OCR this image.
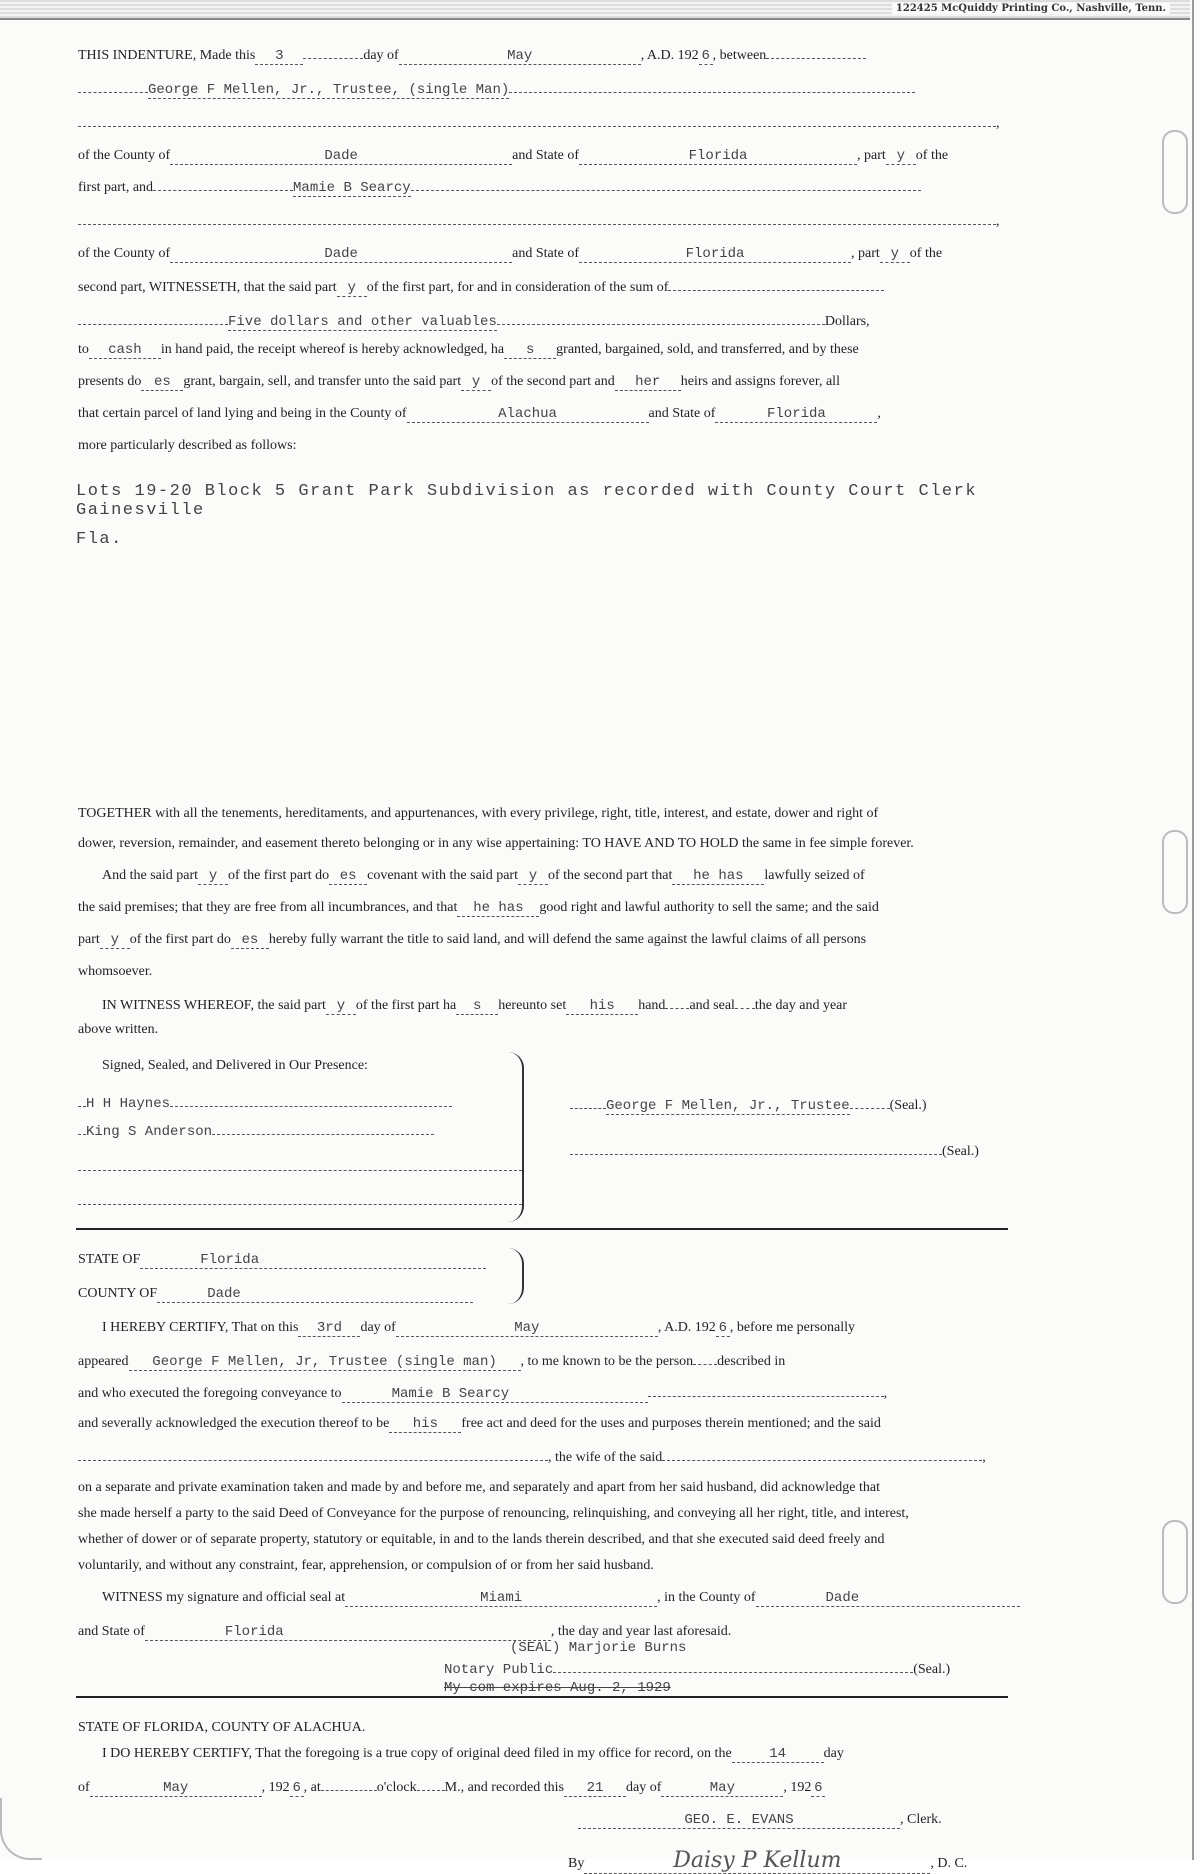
122425 McQuiddy Printing Co., Nashville, Tenn.
THIS INDENTURE, Made this 3	day of	May	, A.D. 192 6 , between
George F Mellen, Jr., Trustee, (single Man)
,
of the County of	Dade	and State of	Florida	, part y of the
first part, and	Mamie B Searcy
,
of the County of	Dade	and State of	Florida	, part y of the
second part, WITNESSETH, that the said part y of the first part, for and in consideration of the sum of
Five dollars and other valuables	Dollars,
to cash in hand paid, the receipt whereof is hereby acknowledged, ha s granted, bargained, sold, and transferred, and by these
presents do es grant, bargain, sell, and transfer unto the said part y of the second part and her heirs and assigns forever, all
that certain parcel of land lying and being in the County of	Alachua	and State of	Florida	,
more particularly described as follows:
Lots 19-20 Block 5 Grant Park Subdivision as recorded with County Court Clerk Gainesville
Fla.
TOGETHER with all the tenements, hereditaments, and appurtenances, with every privilege, right, title, interest, and estate, dower and right of
dower, reversion, remainder, and easement thereto belonging or in any wise appertaining: TO HAVE AND TO HOLD the same in fee simple forever.
And the said part y of the first part do es covenant with the said part y of the second part that he has lawfully seized of
the said premises; that they are free from all incumbrances, and that he has good right and lawful authority to sell the same; and the said
part y of the first part do es hereby fully warrant the title to said land, and will defend the same against the lawful claims of all persons
whomsoever.
IN WITNESS WHEREOF, the said part y of the first part ha s hereunto set his hand and seal the day and year
above written.
Signed, Sealed, and Delivered in Our Presence:
H H Haynes
King S Anderson
George F Mellen, Jr., Trustee	(Seal.)
(Seal.)
STATE OF	Florida
COUNTY OF	Dade
I HEREBY CERTIFY, That on this 3rd day of	May	, A.D. 192 6 , before me personally
appeared George F Mellen, Jr, Trustee (single man) , to me known to be the person described in
and who executed the foregoing conveyance to	Mamie B Searcy	,
and severally acknowledged the execution thereof to be his free act and deed for the uses and purposes therein mentioned; and the said
, the wife of the said	,
on a separate and private examination taken and made by and before me, and separately and apart from her said husband, did acknowledge that
she made herself a party to the said Deed of Conveyance for the purpose of renouncing, relinquishing, and conveying all her right, title, and interest,
whether of dower or of separate property, statutory or equitable, in and to the lands therein described, and that she executed said deed freely and
voluntarily, and without any constraint, fear, apprehension, or compulsion of or from her said husband.
WITNESS my signature and official seal at	Miami	, in the County of	Dade
and State of	Florida	, the day and year last aforesaid.
(SEAL) Marjorie Burns
Notary Public	(Seal.)
My com expires Aug. 2, 1929
STATE OF FLORIDA, COUNTY OF ALACHUA.
I DO HEREBY CERTIFY, That the foregoing is a true copy of original deed filed in my office for record, on the	14	day
of	May	, 192 6 , at	o'clock M., and recorded this 21 day of	May	, 192 6
GEO. E. EVANS	, Clerk.
By	Daisy P Kellum	, D. C.
